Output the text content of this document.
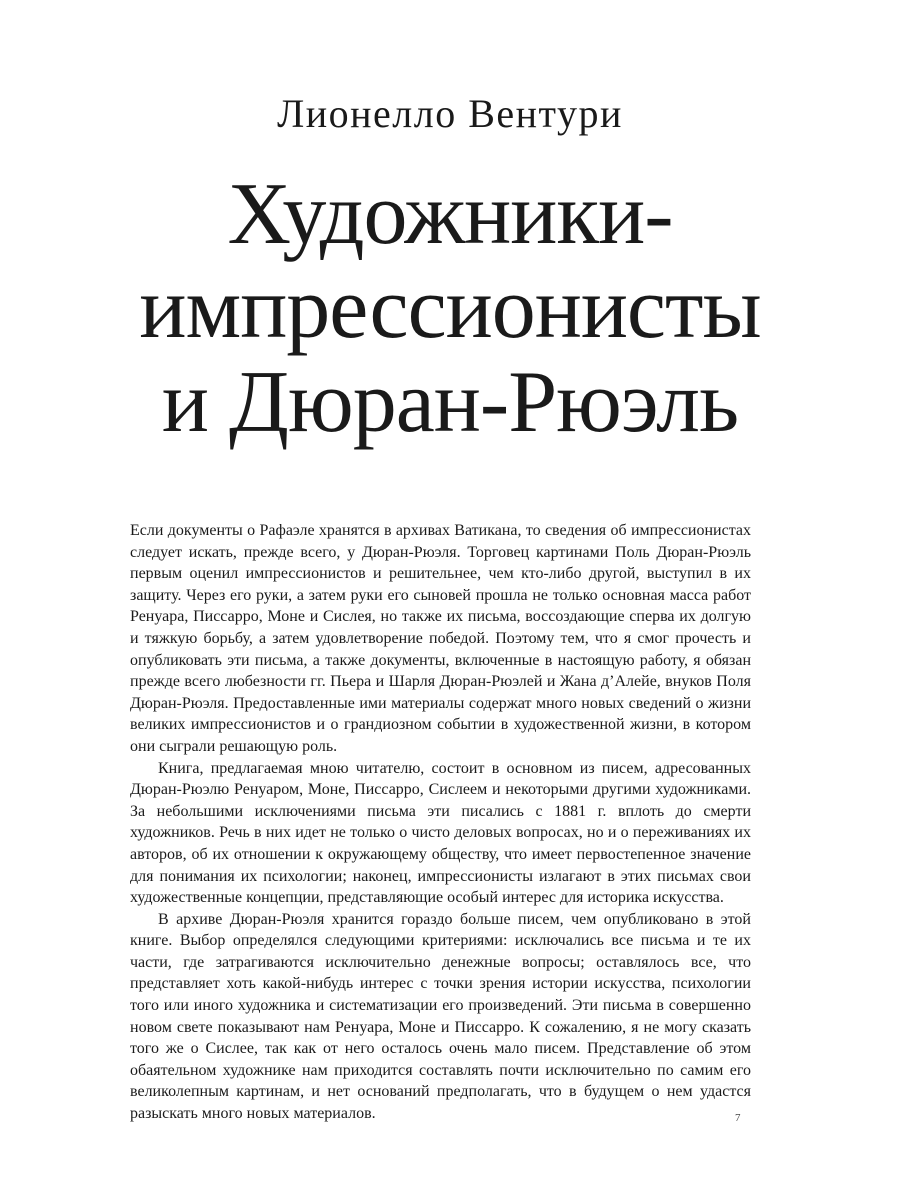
Лионелло Вентури
Художники-
импрессионисты
и Дюран-Рюэль

Если документы о Рафаэле хранятся в архивах Ватикана, то сведения об импрессионистах следует искать, прежде всего, у Дюран-Рюэля. Торговец картинами Поль Дюран-Рюэль первым оценил импрессионистов и решительнее, чем кто-либо другой, выступил в их защиту. Через его руки, а затем руки его сыновей прошла не только основная масса работ Ренуара, Писсарро, Моне и Сислея, но также их письма, воссоздающие сперва их долгую и тяжкую борьбу, а затем удовлетворение победой. Поэтому тем, что я смог прочесть и опубликовать эти письма, а также документы, включенные в настоящую работу, я обязан прежде всего любезности гг. Пьера и Шарля Дюран-Рюэлей и Жана д’Алейе, внуков Поля Дюран-Рюэля. Предоставленные ими материалы содержат много новых сведений о жизни великих импрессионистов и о грандиозном событии в художественной жизни, в котором они сыграли решающую роль.

Книга, предлагаемая мною читателю, состоит в основном из писем, адресованных Дюран-Рюэлю Ренуаром, Моне, Писсарро, Сислеем и некоторыми другими художниками. За небольшими исключениями письма эти писались с 1881 г. вплоть до смерти художников. Речь в них идет не только о чисто деловых вопросах, но и о переживаниях их авторов, об их отношении к окружающему обществу, что имеет первостепенное значение для понимания их психологии; наконец, импрессионисты излагают в этих письмах свои художественные концепции, представляющие особый интерес для историка искусства.

В архиве Дюран-Рюэля хранится гораздо больше писем, чем опубликовано в этой книге. Выбор определялся следующими критериями: исключались все письма и те их части, где затрагиваются исключительно денежные вопросы; оставлялось все, что представляет хоть какой-нибудь интерес с точки зрения истории искусства, психологии того или иного художника и систематизации его произведений. Эти письма в совершенно новом свете показывают нам Ренуара, Моне и Писсарро. К сожалению, я не могу сказать того же о Сислее, так как от него осталось очень мало писем. Представление об этом обаятельном художнике нам приходится составлять почти исключительно по самим его великолепным картинам, и нет оснований предполагать, что в будущем о нем удастся разыскать много новых материалов.	7
